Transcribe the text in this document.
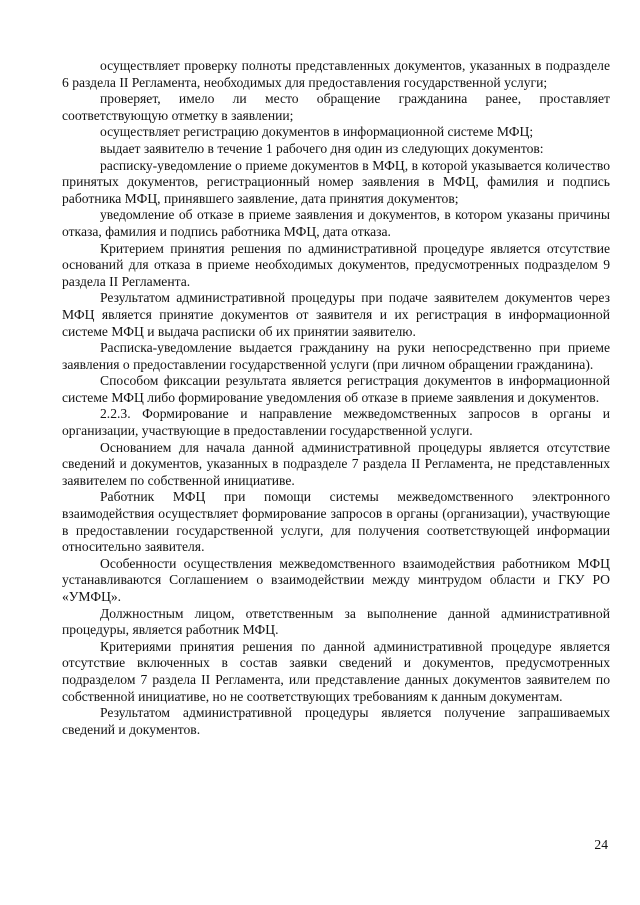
осуществляет проверку полноты представленных документов, указанных в подразделе 6 раздела II Регламента, необходимых для предоставления государственной услуги;

проверяет, имело ли место обращение гражданина ранее, проставляет соответствующую отметку в заявлении;

осуществляет регистрацию документов в информационной системе МФЦ;

выдает заявителю в течение 1 рабочего дня один из следующих документов:

расписку-уведомление о приеме документов в МФЦ, в которой указывается количество принятых документов, регистрационный номер заявления в МФЦ, фамилия и подпись работника МФЦ, принявшего заявление, дата принятия документов;

уведомление об отказе в приеме заявления и документов, в котором указаны причины отказа, фамилия и подпись работника МФЦ, дата отказа.

Критерием принятия решения по административной процедуре является отсутствие оснований для отказа в приеме необходимых документов, предусмотренных подразделом 9 раздела II Регламента.

Результатом административной процедуры при подаче заявителем документов через МФЦ является принятие документов от заявителя и их регистрация в информационной системе МФЦ и выдача расписки об их принятии заявителю.

Расписка-уведомление выдается гражданину на руки непосредственно при приеме заявления о предоставлении государственной услуги (при личном обращении гражданина).

Способом фиксации результата является регистрация документов в информационной системе МФЦ либо формирование уведомления об отказе в приеме заявления и документов.

2.2.3. Формирование и направление межведомственных запросов в органы и организации, участвующие в предоставлении государственной услуги.

Основанием для начала данной административной процедуры является отсутствие сведений и документов, указанных в подразделе 7 раздела II Регламента, не представленных заявителем по собственной инициативе.

Работник МФЦ при помощи системы межведомственного электронного взаимодействия осуществляет формирование запросов в органы (организации), участвующие в предоставлении государственной услуги, для получения соответствующей информации относительно заявителя.

Особенности осуществления межведомственного взаимодействия работником МФЦ устанавливаются Соглашением о взаимодействии между минтрудом области и ГКУ РО «УМФЦ».

Должностным лицом, ответственным за выполнение данной административной процедуры, является работник МФЦ.

Критериями принятия решения по данной административной процедуре является отсутствие включенных в состав заявки сведений и документов, предусмотренных подразделом 7 раздела II Регламента, или представление данных документов заявителем по собственной инициативе, но не соответствующих требованиям к данным документам.

Результатом административной процедуры является получение запрашиваемых сведений и документов.

24
